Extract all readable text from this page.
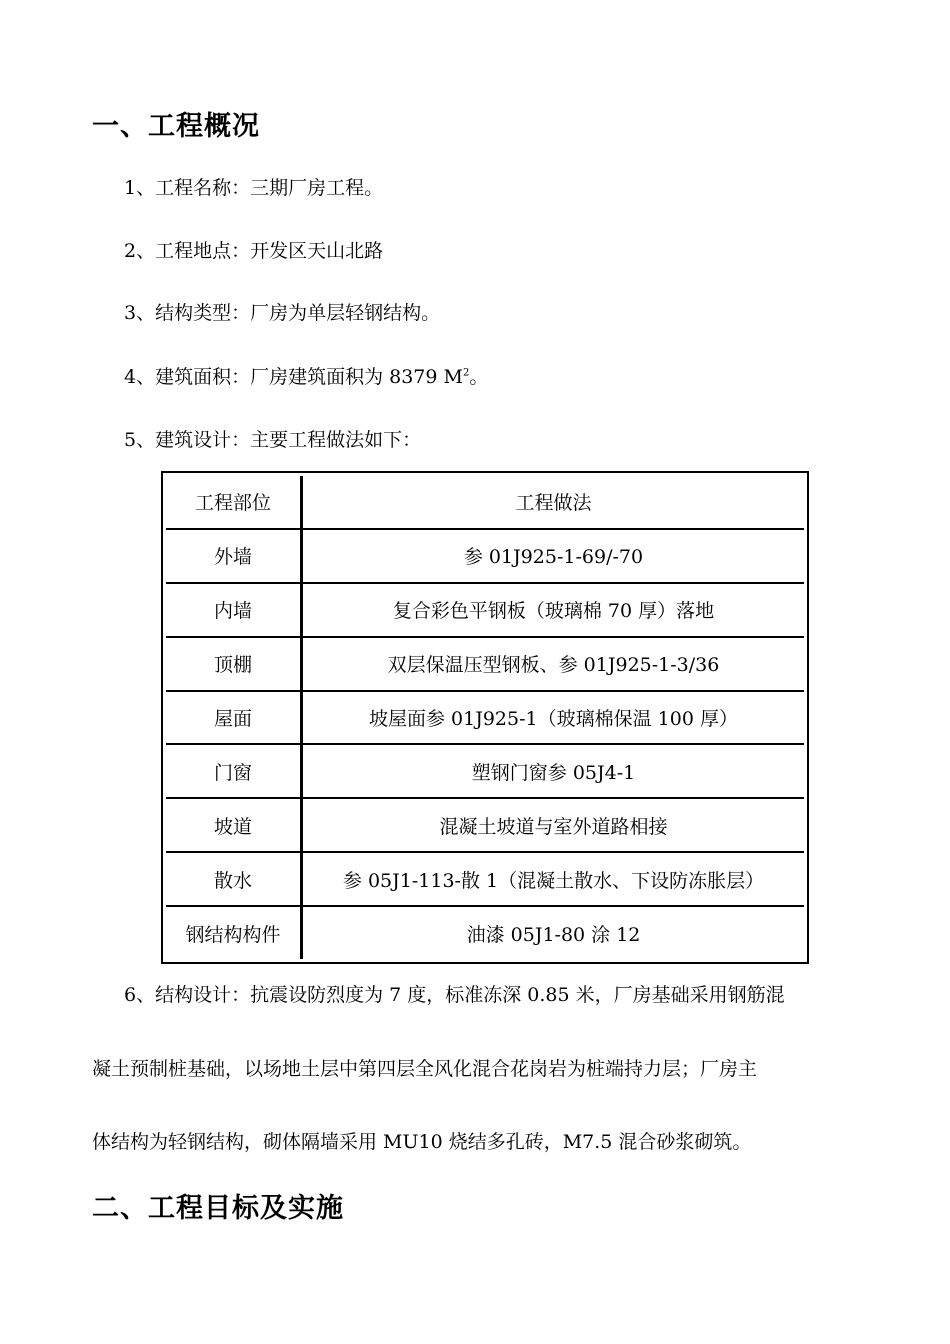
一、工程概况

1、工程名称：三期厂房工程。

2、工程地点：开发区天山北路

3、结构类型：厂房为单层轻钢结构。

4、建筑面积：厂房建筑面积为 8379 $M^2$。

5、建筑设计：主要工程做法如下：

工程部位	工程做法
外墙	参 01J925-1-69/-70
内墙	复合彩色平钢板（玻璃棉 70 厚）落地
顶棚	双层保温压型钢板、参 01J925-1-3/36
屋面	坡屋面参 01J925-1（玻璃棉保温 100 厚）
门窗	塑钢门窗参 05J4-1
坡道	混凝土坡道与室外道路相接
散水	参 05J1-113-散 1（混凝土散水、下设防冻胀层）
钢结构构件	油漆 05J1-80 涂 12

6、结构设计：抗震设防烈度为 7 度，标准冻深 0.85 米，厂房基础采用钢筋混

凝土预制桩基础，以场地土层中第四层全风化混合花岗岩为桩端持力层；厂房主

体结构为轻钢结构，砌体隔墙采用 MU10 烧结多孔砖，M7.5 混合砂浆砌筑。

二、工程目标及实施
